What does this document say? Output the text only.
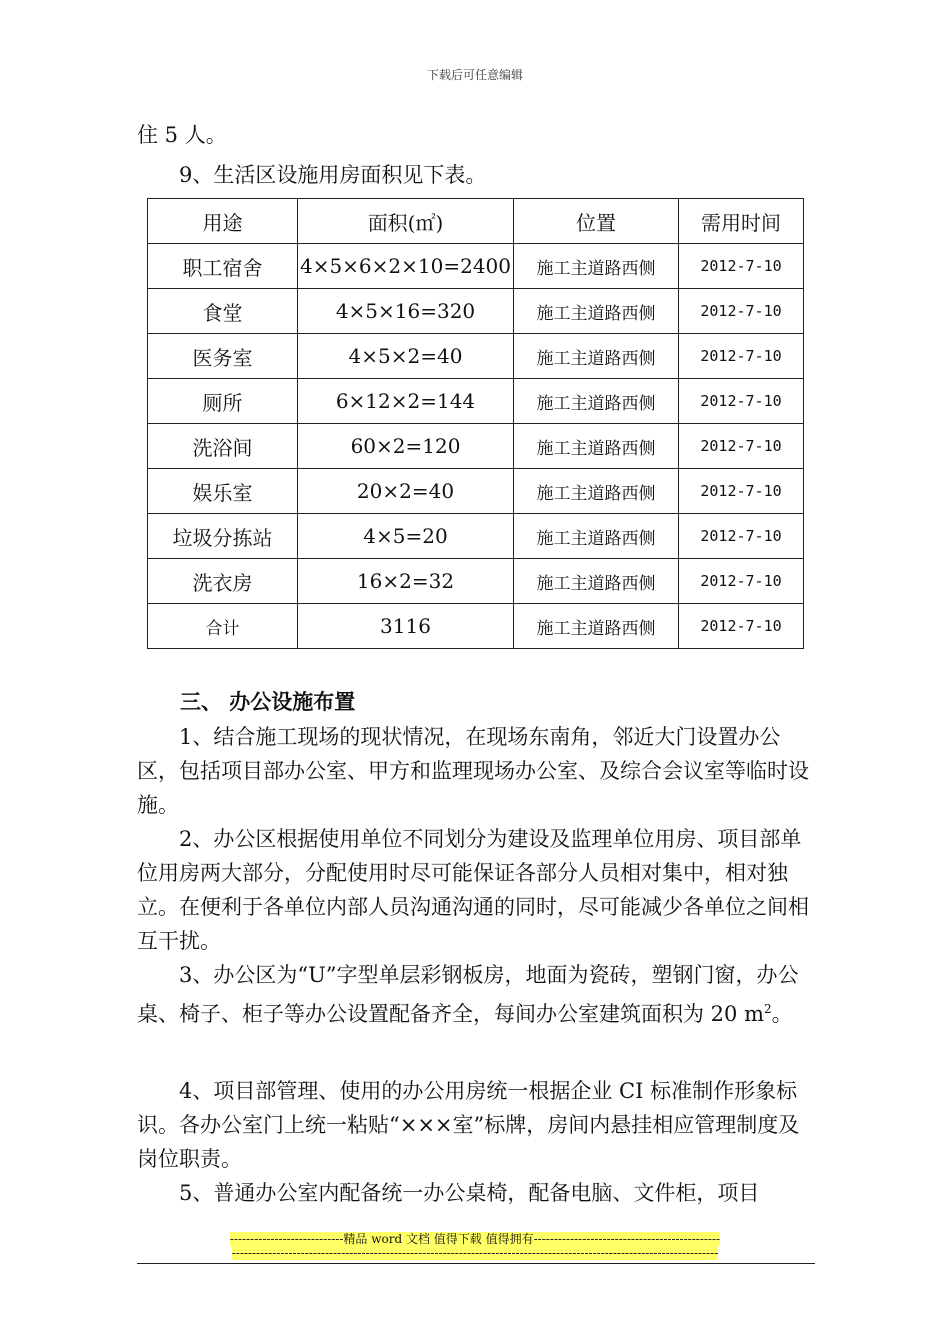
下载后可任意编辑

住 5 人。

9、生活区设施用房面积见下表。

用途	面积(㎡)	位置	需用时间
职工宿舍	4×5×6×2×10=2400	施工主道路西侧	2012-7-10
食堂	4×5×16=320	施工主道路西侧	2012-7-10
医务室	4×5×2=40	施工主道路西侧	2012-7-10
厕所	6×12×2=144	施工主道路西侧	2012-7-10
洗浴间	60×2=120	施工主道路西侧	2012-7-10
娱乐室	20×2=40	施工主道路西侧	2012-7-10
垃圾分拣站	4×5=20	施工主道路西侧	2012-7-10
洗衣房	16×2=32	施工主道路西侧	2012-7-10
合计	3116	施工主道路西侧	2012-7-10

三、 办公设施布置

1、结合施工现场的现状情况，在现场东南角，邻近大门设置办公区，包括项目部办公室、甲方和监理现场办公室、及综合会议室等临时设施。

2、办公区根据使用单位不同划分为建设及监理单位用房、项目部单位用房两大部分，分配使用时尽可能保证各部分人员相对集中，相对独立。在便利于各单位内部人员沟通沟通的同时，尽可能减少各单位之间相互干扰。

3、办公区为“U”字型单层彩钢板房，地面为瓷砖，塑钢门窗，办公桌、椅子、柜子等办公设置配备齐全，每间办公室建筑面积为 20 $m^2$。

4、项目部管理、使用的办公用房统一根据企业 CI 标准制作形象标识。各办公室门上统一粘贴“×××室”标牌，房间内悬挂相应管理制度及岗位职责。

5、普通办公室内配备统一办公桌椅，配备电脑、文件柜，项目

----------------------------精品 word 文档 值得下载 值得拥有----------------------------------------------
------------------------------------------------------------------------------------------------------------------------
